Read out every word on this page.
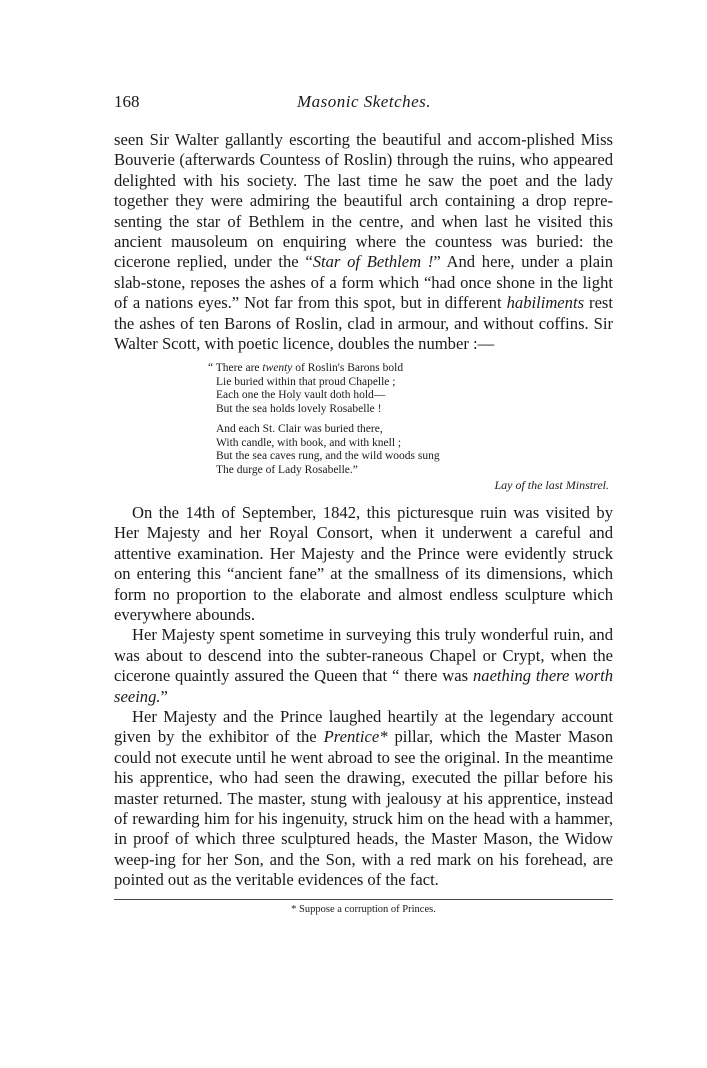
168	Masonic Sketches.

seen Sir Walter gallantly escorting the beautiful and accom-plished Miss Bouverie (afterwards Countess of Roslin) through the ruins, who appeared delighted with his society. The last time he saw the poet and the lady together they were admiring the beautiful arch containing a drop repre-senting the star of Bethlem in the centre, and when last he visited this ancient mausoleum on enquiring where the countess was buried: the cicerone replied, under the “Star of Bethlem !” And here, under a plain slab-stone, reposes the ashes of a form which “had once shone in the light of a nations eyes.” Not far from this spot, but in different habiliments rest the ashes of ten Barons of Roslin, clad in armour, and without coffins. Sir Walter Scott, with poetic licence, doubles the number :—

“ There are twenty of Roslin's Barons bold
Lie buried within that proud Chapelle ;
Each one the Holy vault doth hold—
But the sea holds lovely Rosabelle !
And each St. Clair was buried there,
With candle, with book, and with knell ;
But the sea caves rung, and the wild woods sung
The durge of Lady Rosabelle.”
Lay of the last Minstrel.

On the 14th of September, 1842, this picturesque ruin was visited by Her Majesty and her Royal Consort, when it underwent a careful and attentive examination. Her Majesty and the Prince were evidently struck on entering this “ancient fane” at the smallness of its dimensions, which form no proportion to the elaborate and almost endless sculpture which everywhere abounds.

Her Majesty spent sometime in surveying this truly wonderful ruin, and was about to descend into the subter-raneous Chapel or Crypt, when the cicerone quaintly assured the Queen that “ there was naething there worth seeing.”

Her Majesty and the Prince laughed heartily at the legendary account given by the exhibitor of the Prentice* pillar, which the Master Mason could not execute until he went abroad to see the original. In the meantime his apprentice, who had seen the drawing, executed the pillar before his master returned. The master, stung with jealousy at his apprentice, instead of rewarding him for his ingenuity, struck him on the head with a hammer, in proof of which three sculptured heads, the Master Mason, the Widow weep-ing for her Son, and the Son, with a red mark on his forehead, are pointed out as the veritable evidences of the fact.

* Suppose a corruption of Princes.
